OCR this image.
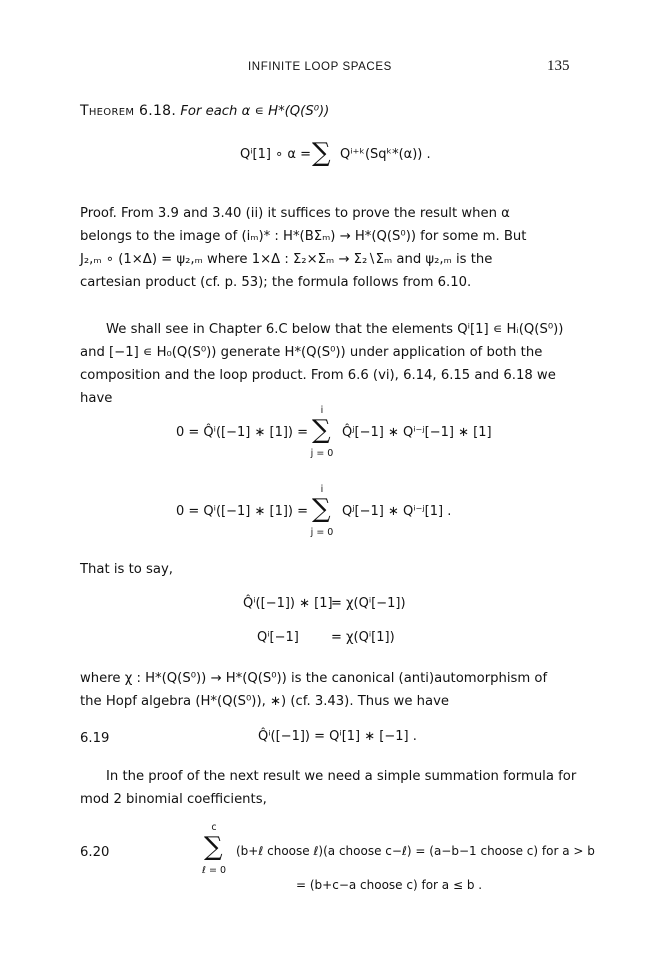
INFINITE LOOP SPACES	135
Theorem 6.18. For each α ∊ H*(Q(S⁰))
Qⁱ[1] ∘ α = ∑ Qⁱ⁺ᵏ(Sqᵏ*(α)) .
Proof. From 3.9 and 3.40 (ii) it suffices to prove the result when α
belongs to the image of (iₘ)* : H*(BΣₘ) → H*(Q(S⁰)) for some m. But
J₂,ₘ ∘ (1×Δ) = ψ₂,ₘ where 1×Δ : Σ₂×Σₘ → Σ₂∖Σₘ and ψ₂,ₘ is the
cartesian product (cf. p. 53); the formula follows from 6.10.
We shall see in Chapter 6.C below that the elements Qⁱ[1] ∊ Hᵢ(Q(S⁰))
and [−1] ∊ H₀(Q(S⁰)) generate H*(Q(S⁰)) under application of both the
composition and the loop product. From 6.6 (vi), 6.14, 6.15 and 6.18 we
have
0 = Q̂ⁱ([−1] ∗ [1]) =
i
∑
j = 0
Q̂ʲ[−1] ∗ Qⁱ⁻ʲ[−1] ∗ [1]
0 = Qⁱ([−1] ∗ [1]) =
i
∑
j = 0
Qʲ[−1] ∗ Qⁱ⁻ʲ[1] .
That is to say,
Q̂ⁱ([−1]) ∗ [1]
= χ(Qⁱ[−1])
Qⁱ[−1] = χ(Qⁱ[1])
where χ : H*(Q(S⁰)) → H*(Q(S⁰)) is the canonical (anti)automorphism of
the Hopf algebra (H*(Q(S⁰)), ∗) (cf. 3.43). Thus we have
6.19	Q̂ⁱ([−1]) = Qⁱ[1] ∗ [−1] .
In the proof of the next result we need a simple summation formula for
mod 2 binomial coefficients,
6.20
c
∑
ℓ = 0
(b+ℓ choose ℓ)(a choose c−ℓ) = (a−b−1 choose c) for a > b
= (b+c−a choose c) for a ≤ b .
